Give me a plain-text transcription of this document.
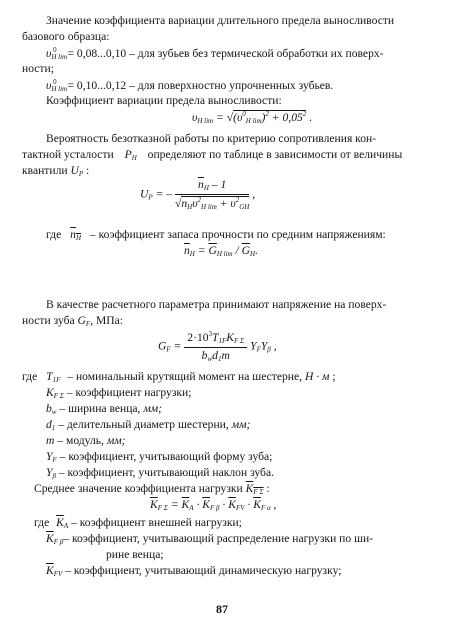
Значение коэффициента вариации длительного предела выносливости
базового образца:
$\upsilon_{H lim}^0 = 0,08...0,10$ – для зубьев без термической обработки их поверх-
ности;
$\upsilon_{H lim}^0 = 0,10...0,12$ – для поверхностно упрочненных зубьев.
Коэффициент вариации предела выносливости:
$\upsilon_{H lim} = √(\upsilon^0_{H lim})^2 + 0,05^2$ .
Вероятность безотказной работы по критерию сопротивления кон-
тактной усталости $P_H$ определяют по таблице в зависимости от величины
квантили $U_P$ :
$U_P$ = – $\frac{\overline{n}_H - 1}{√n_H\upsilon^2_{H lim} + \upsilon^2_{GH}}$ ,
где $n_H$ – коэффициент запаса прочности по средним напряжениям:
$\overline{n}_H = \overline{G}_{H lim} / \overline{G}_H$.
В качестве расчетного параметра принимают напряжение на поверх-
ности зуба $G_F$, МПа:
$G_F = \frac{2\cdot 10^3T_{1F}K_{F \Sigma}}{b_wd_1m} Y_FY_\beta$ ,
где $T_{1F}$ – номинальный крутящий момент на шестерне, Н · м ;
$K_{F \Sigma}$ – коэффициент нагрузки;
$b_w$ – ширина венца, мм;
$d_1$ – делительный диаметр шестерни, мм;
m – модуль, мм;
$Y_F$ – коэффициент, учитывающий форму зуба;
$Y_\beta$ – коэффициент, учитывающий наклон зуба.
Среднее значение коэффициента нагрузки $K_{F \Sigma}$ :
$\overline{K}_{F \Sigma} = \overline{K}_A \cdot \overline{K}_{F \beta} \cdot \overline{K}_{FV} \cdot \overline{K}_{F \alpha}$ ,
где $\overline{K}_A$ – коэффициент внешней нагрузки;
$\overline{K}_{F \beta}-$ коэффициент, учитывающий распределение нагрузки по ши-
рине венца;
$\overline{K}_{FV}$ – коэффициент, учитывающий динамическую нагрузку;
87
